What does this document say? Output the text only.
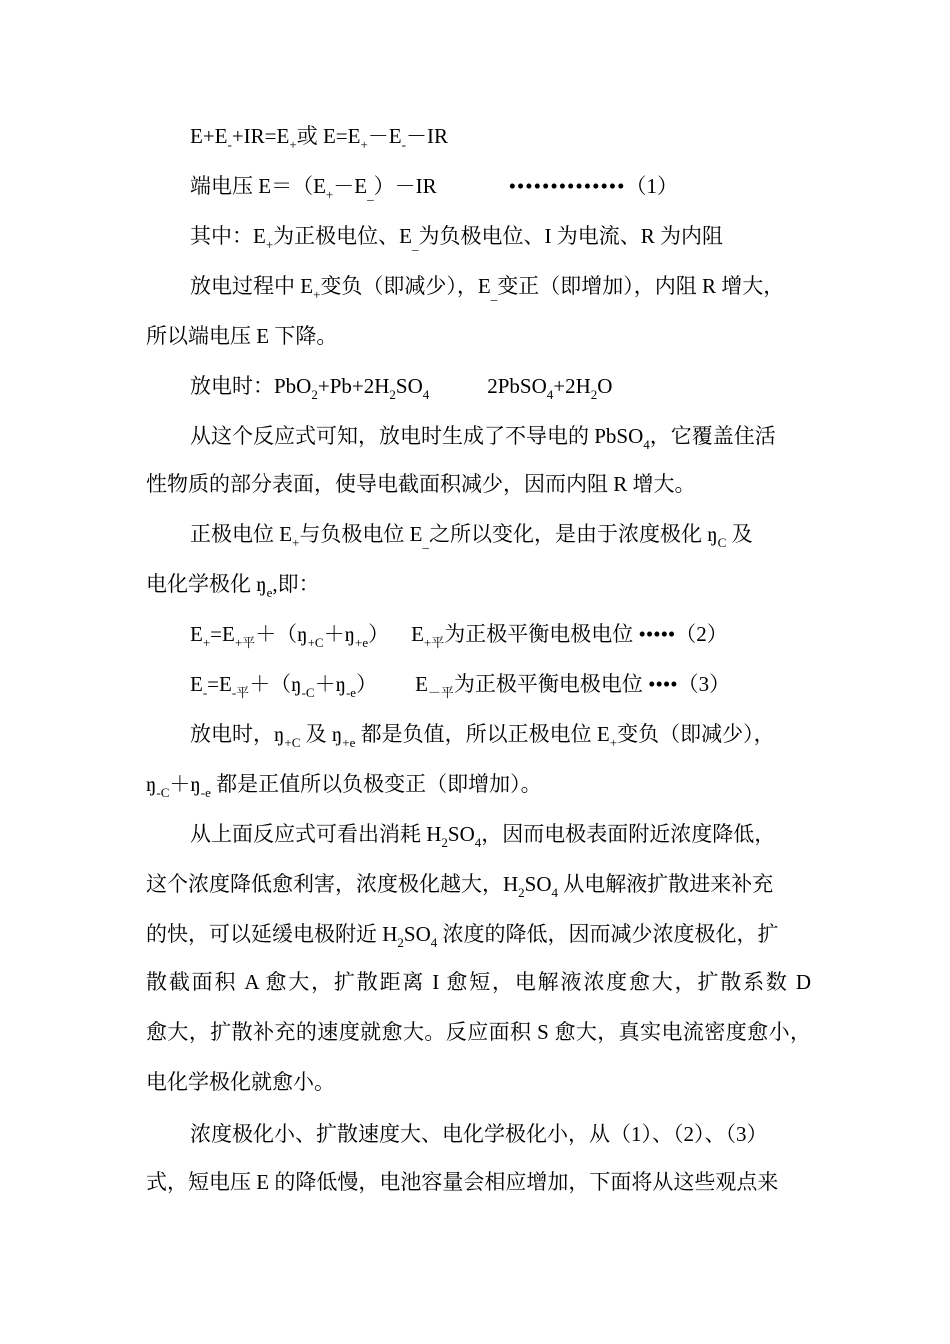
$E+E_-+IR=E_+$或 $E=E_+-E_--IR$
端电压 $E=(E_+-E_{\_})-IR$	••••••••••••••（1）
其中：$E_+$为正极电位、$E_{\_}$为负极电位、I 为电流、R 为内阻
放电过程中 $E_+$变负（即减少），$E_{\_}$变正（即增加），内阻 R 增大，
所以端电压 E 下降。
放电时：$PbO_2+Pb+2H_2SO_4$	$2PbSO_4+2H_2O$
从这个反应式可知，放电时生成了不导电的 PbSO$_4$，它覆盖住活
性物质的部分表面，使导电截面积减少，因而内阻 R 增大。
正极电位 $E_+$与负极电位 $E_{\_}$之所以变化，是由于浓度极化 $ŋ_C$ 及
电化学极化 $ŋ_e$,即：
$E_+=E_{+平}+(ŋ_{+C}+ŋ_{+e})$ $E_{+平}$为正极平衡电极电位 •••••（2）
$E_-=E_{-平}+(ŋ_{-C}+ŋ_{-e})$ $E_{-平}$为正极平衡电极电位 ••••（3）
放电时，$ŋ_{+C}$ 及 $ŋ_{+e}$ 都是负值，所以正极电位 $E_+$变负（即减少），
$ŋ_{-C}+ŋ_{-e}$ 都是正值所以负极变正（即增加）。
从上面反应式可看出消耗 $H_2SO_4$，因而电极表面附近浓度降低，
这个浓度降低愈利害，浓度极化越大，$H_2SO_4$ 从电解液扩散进来补充
的快，可以延缓电极附近 $H_2SO_4$ 浓度的降低，因而减少浓度极化，扩
散截面积 A 愈大，扩散距离 I 愈短，电解液浓度愈大，扩散系数 D
愈大，扩散补充的速度就愈大。反应面积 S 愈大，真实电流密度愈小，
电化学极化就愈小。
浓度极化小、扩散速度大、电化学极化小，从（1）、（2）、（3）
式，短电压 E 的降低慢，电池容量会相应增加，下面将从这些观点来
